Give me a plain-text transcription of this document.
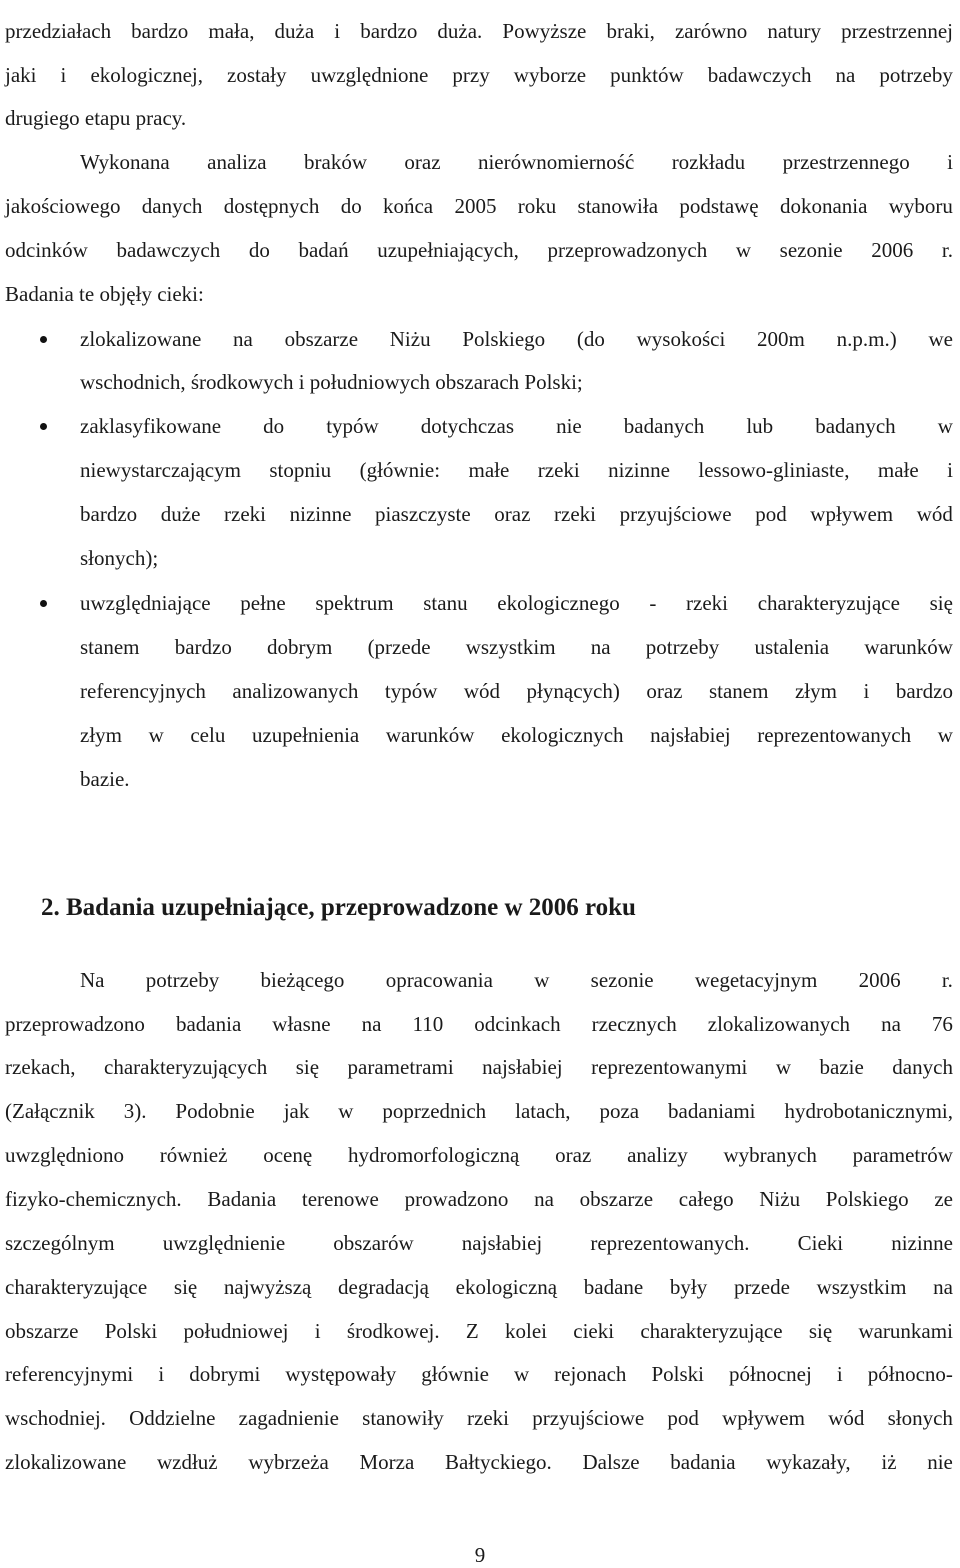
przedziałach bardzo mała, duża i bardzo duża. Powyższe braki, zarówno natury przestrzennej
jaki i ekologicznej, zostały uwzględnione przy wyborze punktów badawczych na potrzeby
drugiego etapu pracy.
Wykonana analiza braków oraz nierównomierność rozkładu przestrzennego i
jakościowego danych dostępnych do końca 2005 roku stanowiła podstawę dokonania wyboru
odcinków badawczych do badań uzupełniających, przeprowadzonych w sezonie 2006 r.
Badania te objęły cieki:
zlokalizowane na obszarze Niżu Polskiego (do wysokości 200m n.p.m.) we
wschodnich, środkowych i południowych obszarach Polski;
zaklasyfikowane do typów dotychczas nie badanych lub badanych w
niewystarczającym stopniu (głównie: małe rzeki nizinne lessowo-gliniaste, małe i
bardzo duże rzeki nizinne piaszczyste oraz rzeki przyujściowe pod wpływem wód
słonych);
uwzględniające pełne spektrum stanu ekologicznego - rzeki charakteryzujące się
stanem bardzo dobrym (przede wszystkim na potrzeby ustalenia warunków
referencyjnych analizowanych typów wód płynących) oraz stanem złym i bardzo
złym w celu uzupełnienia warunków ekologicznych najsłabiej reprezentowanych w
bazie.
2. Badania uzupełniające, przeprowadzone w 2006 roku
Na potrzeby bieżącego opracowania w sezonie wegetacyjnym 2006 r.
przeprowadzono badania własne na 110 odcinkach rzecznych zlokalizowanych na 76
rzekach, charakteryzujących się parametrami najsłabiej reprezentowanymi w bazie danych
(Załącznik 3). Podobnie jak w poprzednich latach, poza badaniami hydrobotanicznymi,
uwzględniono również ocenę hydromorfologiczną oraz analizy wybranych parametrów
fizyko-chemicznych. Badania terenowe prowadzono na obszarze całego Niżu Polskiego ze
szczególnym uwzględnienie obszarów najsłabiej reprezentowanych. Cieki nizinne
charakteryzujące się najwyższą degradacją ekologiczną badane były przede wszystkim na
obszarze Polski południowej i środkowej. Z kolei cieki charakteryzujące się warunkami
referencyjnymi i dobrymi występowały głównie w rejonach Polski północnej i północno-
wschodniej. Oddzielne zagadnienie stanowiły rzeki przyujściowe pod wpływem wód słonych
zlokalizowane wzdłuż wybrzeża Morza Bałtyckiego. Dalsze badania wykazały, iż nie
9
